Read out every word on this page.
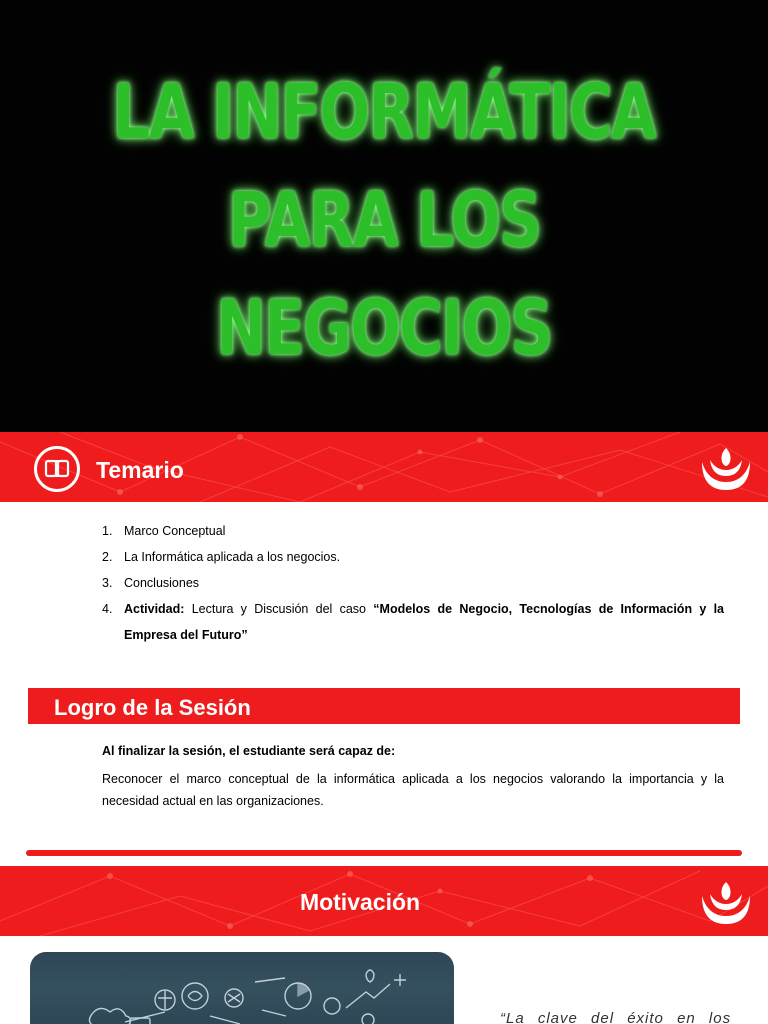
LA INFORMÁTICA
PARA LOS
NEGOCIOS
Temario
1. Marco Conceptual
2. La Informática aplicada a los negocios.
3. Conclusiones
4. Actividad: Lectura y Discusión del caso “Modelos de Negocio, Tecnologías de Información y la Empresa del Futuro”
Logro de la Sesión

Al finalizar la sesión, el estudiante será capaz de:

Reconocer el marco conceptual de la informática aplicada a los negocios valorando la importancia y la necesidad actual en las organizaciones.

Motivación
“La clave del éxito en los
